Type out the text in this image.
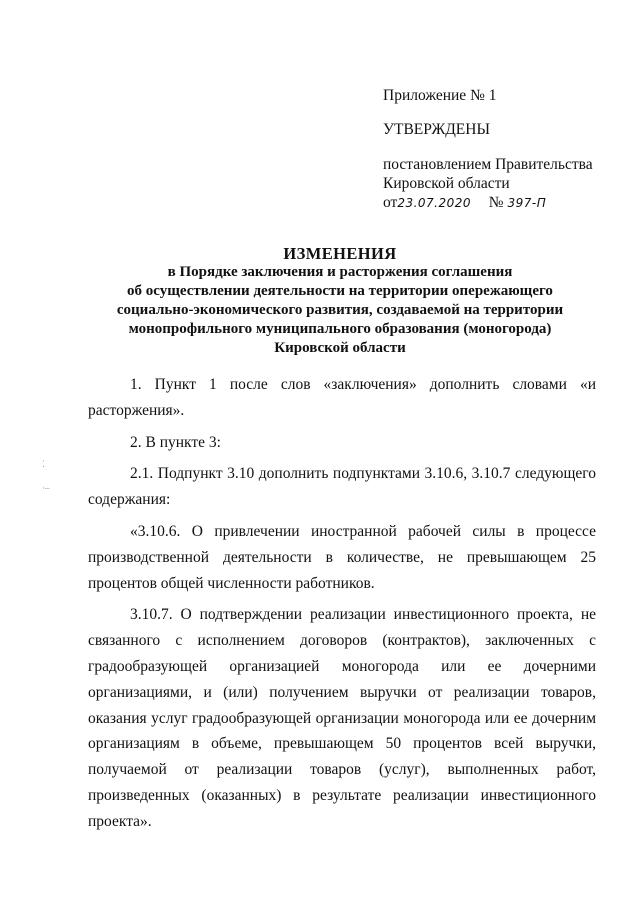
Приложение № 1
УТВЕРЖДЕНЫ
постановлением Правительства
Кировской области
от23.07.2020 № 397-П
ИЗМЕНЕНИЯ
в Порядке заключения и расторжения соглашения
об осуществлении деятельности на территории опережающего
социально-экономического развития, создаваемой на территории
монопрофильного муниципального образования (моногорода)
Кировской области

1. Пункт 1 после слов «заключения» дополнить словами «и расторжения».

2. В пункте 3:

2.1. Подпункт 3.10 дополнить подпунктами 3.10.6, 3.10.7 следующего содержания:

«3.10.6. О привлечении иностранной рабочей силы в процессе производственной деятельности в количестве, не превышающем 25 процентов общей численности работников.

3.10.7. О подтверждении реализации инвестиционного проекта, не связанного с исполнением договоров (контрактов), заключенных с градообразующей организацией моногорода или ее дочерними организациями, и (или) получением выручки от реализации товаров, оказания услуг градообразующей организации моногорода или ее дочерним организациям в объеме, превышающем 50 процентов всей выручки, получаемой от реализации товаров (услуг), выполненных работ, произведенных (оказанных) в результате реализации инвестиционного проекта».

⁚
·–
